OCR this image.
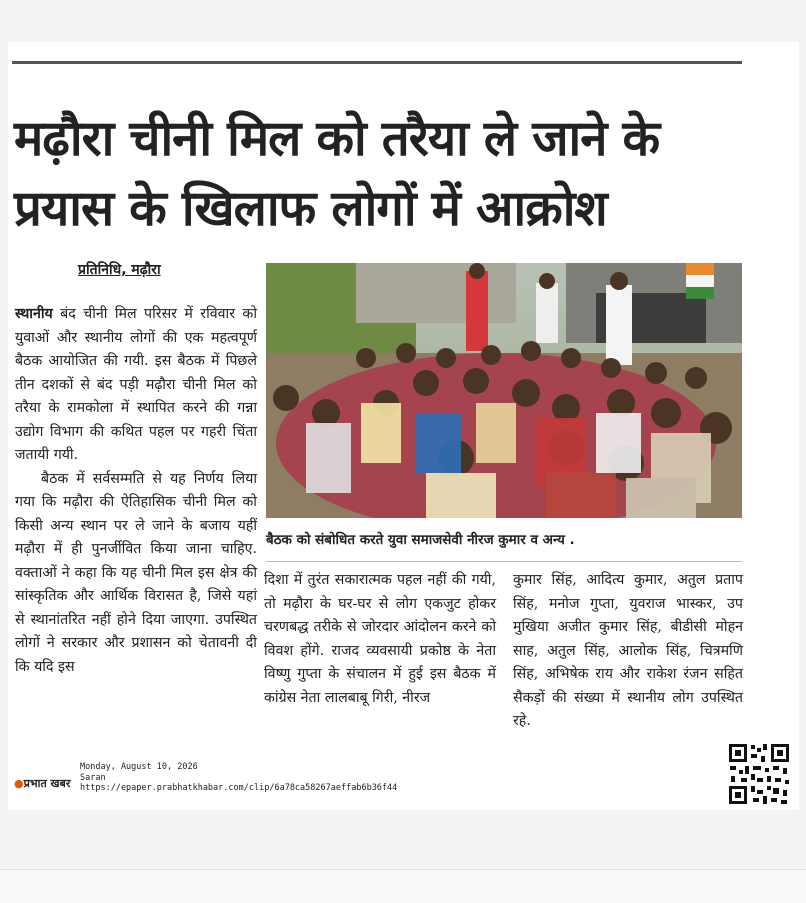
मढ़ौरा चीनी मिल को तरैया ले जाने के
प्रयास के खिलाफ लोगों में आक्रोश
प्रतिनिधि, मढ़ौरा

स्थानीय बंद चीनी मिल परिसर में रविवार को युवाओं और स्थानीय लोगों की एक महत्वपूर्ण बैठक आयोजित की गयी. इस बैठक में पिछले तीन दशकों से बंद पड़ी मढ़ौरा चीनी मिल को तरैया के रामकोला में स्थापित करने की गन्ना उद्योग विभाग की कथित पहल पर गहरी चिंता जतायी गयी.

बैठक में सर्वसम्मति से यह निर्णय लिया गया कि मढ़ौरा की ऐतिहासिक चीनी मिल को किसी अन्य स्थान पर ले जाने के बजाय यहीं मढ़ौरा में ही पुनर्जीवित किया जाना चाहिए. वक्ताओं ने कहा कि यह चीनी मिल इस क्षेत्र की सांस्कृतिक और आर्थिक विरासत है, जिसे यहां से स्थानांतरित नहीं होने दिया जाएगा. उपस्थित लोगों ने सरकार और प्रशासन को चेतावनी दी कि यदि इस

बैठक को संबोधित करते युवा समाजसेवी नीरज कुमार व अन्य .

दिशा में तुरंत सकारात्मक पहल नहीं की गयी, तो मढ़ौरा के घर-घर से लोग एकजुट होकर चरणबद्ध तरीके से जोरदार आंदोलन करने को विवश होंगे. राजद व्यवसायी प्रकोष्ठ के नेता विष्णु गुप्ता के संचालन में हुई इस बैठक में कांग्रेस नेता लालबाबू गिरी, नीरज

कुमार सिंह, आदित्य कुमार, अतुल प्रताप सिंह, मनोज गुप्ता, युवराज भास्कर, उप मुखिया अजीत कुमार सिंह, बीडीसी मोहन साह, अतुल सिंह, आलोक सिंह, चित्रमणि सिंह, अभिषेक राय और राकेश रंजन सहित सैकड़ों की संख्या में स्थानीय लोग उपस्थित रहे.

●प्रभात खबर
Monday, August 10, 2026
Saran
https://epaper.prabhatkhabar.com/clip/6a78ca58267aeffab6b36f44
